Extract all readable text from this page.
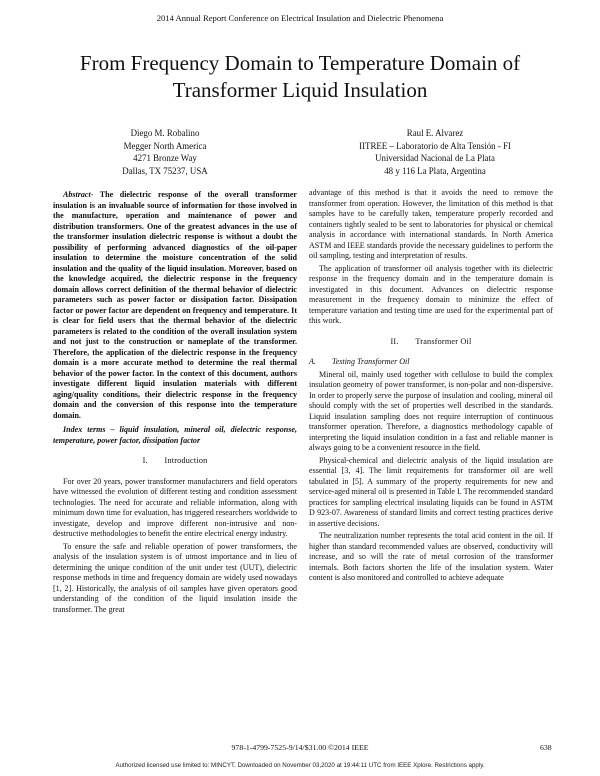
2014 Annual Report Conference on Electrical Insulation and Dielectric Phenomena
From Frequency Domain to Temperature Domain of
Transformer Liquid Insulation
Diego M. Robalino
Megger North America
4271 Bronze Way
Dallas, TX 75237, USA
Raul E. Alvarez
IITREE – Laboratorio de Alta Tensión - FI
Universidad Nacional de La Plata
48 y 116 La Plata, Argentina

Abstract- The dielectric response of the overall transformer insulation is an invaluable source of information for those involved in the manufacture, operation and maintenance of power and distribution transformers. One of the greatest advances in the use of the transformer insulation dielectric response is without a doubt the possibility of performing advanced diagnostics of the oil-paper insulation to determine the moisture concentration of the solid insulation and the quality of the liquid insulation. Moreover, based on the knowledge acquired, the dielectric response in the frequency domain allows correct definition of the thermal behavior of dielectric parameters such as power factor or dissipation factor. Dissipation factor or power factor are dependent on frequency and temperature. It is clear for field users that the thermal behavior of the dielectric parameters is related to the condition of the overall insulation system and not just to the construction or nameplate of the transformer. Therefore, the application of the dielectric response in the frequency domain is a more accurate method to determine the real thermal behavior of the power factor. In the context of this document, authors investigate different liquid insulation materials with different aging/quality conditions, their dielectric response in the frequency domain and the conversion of this response into the temperature domain.

Index terms – liquid insulation, mineral oil, dielectric response, temperature, power factor, dissipation factor

I.  Introduction

For over 20 years, power transformer manufacturers and field operators have witnessed the evolution of different testing and condition assessment technologies. The need for accurate and reliable information, along with minimum down time for evaluation, has triggered researchers worldwide to investigate, develop and improve different non-intrusive and non-destructive methodologies to benefit the entire electrical energy industry.

To ensure the safe and reliable operation of power transformers, the analysis of the insulation system is of utmost importance and in lieu of determining the unique condition of the unit under test (UUT), dielectric response methods in time and frequency domain are widely used nowadays [1, 2]. Historically, the analysis of oil samples have given operators good understanding of the condition of the liquid insulation inside the transformer. The great

advantage of this method is that it avoids the need to remove the transformer from operation. However, the limitation of this method is that samples have to be carefully taken, temperature properly recorded and containers tightly sealed to be sent to laboratories for physical or chemical analysis in accordance with international standards. In North America ASTM and IEEE standards provide the necessary guidelines to perform the oil sampling, testing and interpretation of results.

The application of transformer oil analysis together with its dielectric response in the frequency domain and in the temperature domain is investigated in this document. Advances on dielectric response measurement in the frequency domain to minimize the effect of temperature variation and testing time are used for the experimental part of this work.

II.  Transformer Oil

A.  Testing Transformer Oil

Mineral oil, mainly used together with cellulose to build the complex insulation geometry of power transformer, is non-polar and non-dispersive. In order to properly serve the purpose of insulation and cooling, mineral oil should comply with the set of properties well described in the standards. Liquid insulation sampling does not require interruption of continuous transformer operation. Therefore, a diagnostics methodology capable of interpreting the liquid insulation condition in a fast and reliable manner is always going to be a convenient resource in the field.

Physical-chemical and dielectric analysis of the liquid insulation are essential [3, 4]. The limit requirements for transformer oil are well tabulated in [5]. A summary of the property requirements for new and service-aged mineral oil is presented in Table I. The recommended standard practices for sampling electrical insulating liquids can be found in ASTM D 923-07. Awareness of standard limits and correct testing practices derive in assertive decisions.

The neutralization number represents the total acid content in the oil. If higher than standard recommended values are observed, conductivity will increase, and so will the rate of metal corrosion of the transformer internals. Both factors shorten the life of the insulation system. Water content is also monitored and controlled to achieve adequate

978-1-4799-7525-9/14/$31.00 ©2014 IEEE	638
Authorized licensed use limited to: MINCYT. Downloaded on November 03,2020 at 19:44:11 UTC from IEEE Xplore. Restrictions apply.
